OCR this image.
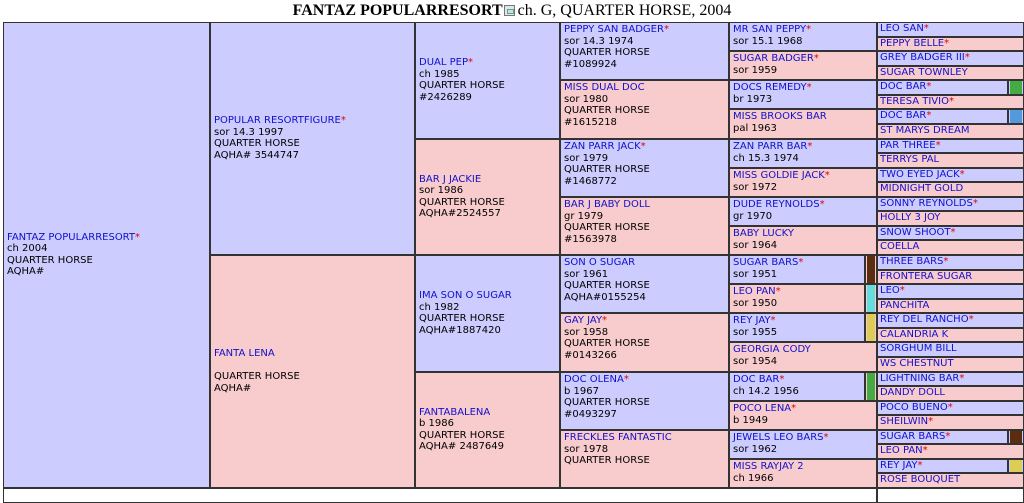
FANTAZ POPULARRESORT ch. G, QUARTER HORSE, 2004
FANTAZ POPULARRESORT*
ch 2004
QUARTER HORSE
AQHA#
POPULAR RESORTFIGURE*
sor 14.3 1997
QUARTER HORSE
AQHA# 3544747
FANTA LENA
QUARTER HORSE
AQHA#
DUAL PEP*
ch 1985
QUARTER HORSE
#2426289
BAR J JACKIE
sor 1986
QUARTER HORSE
AQHA#2524557
IMA SON O SUGAR
ch 1982
QUARTER HORSE
AQHA#1887420
FANTABALENA
b 1986
QUARTER HORSE
AQHA# 2487649
PEPPY SAN BADGER*
sor 14.3 1974
QUARTER HORSE
#1089924
MISS DUAL DOC
sor 1980
QUARTER HORSE
#1615218
ZAN PARR JACK*
sor 1979
QUARTER HORSE
#1468772
BAR J BABY DOLL
gr 1979
QUARTER HORSE
#1563978
SON O SUGAR
sor 1961
QUARTER HORSE
AQHA#0155254
GAY JAY*
sor 1958
QUARTER HORSE
#0143266
DOC OLENA*
b 1967
QUARTER HORSE
#0493297
FRECKLES FANTASTIC
sor 1978
QUARTER HORSE
MR SAN PEPPY*
sor 15.1 1968
SUGAR BADGER*
sor 1959
DOCS REMEDY*
br 1973
MISS BROOKS BAR
pal 1963
ZAN PARR BAR*
ch 15.3 1974
MISS GOLDIE JACK*
sor 1972
DUDE REYNOLDS*
gr 1970
BABY LUCKY
sor 1964
SUGAR BARS*
sor 1951
LEO PAN*
sor 1950
REY JAY*
sor 1955
GEORGIA CODY
sor 1954
DOC BAR*
ch 14.2 1956
POCO LENA*
b 1949
JEWELS LEO BARS*
sor 1962
MISS RAYJAY 2
ch 1966
LEO SAN*
PEPPY BELLE*
GREY BADGER III*
SUGAR TOWNLEY
DOC BAR*
TERESA TIVIO*
DOC BAR*
ST MARYS DREAM
PAR THREE*
TERRYS PAL
TWO EYED JACK*
MIDNIGHT GOLD
SONNY REYNOLDS*
HOLLY 3 JOY
SNOW SHOOT*
COELLA
THREE BARS*
FRONTERA SUGAR
LEO*
PANCHITA
REY DEL RANCHO*
CALANDRIA K
SORGHUM BILL
WS CHESTNUT
LIGHTNING BAR*
DANDY DOLL
POCO BUENO*
SHEILWIN*
SUGAR BARS*
LEO PAN*
REY JAY*
ROSE BOUQUET
